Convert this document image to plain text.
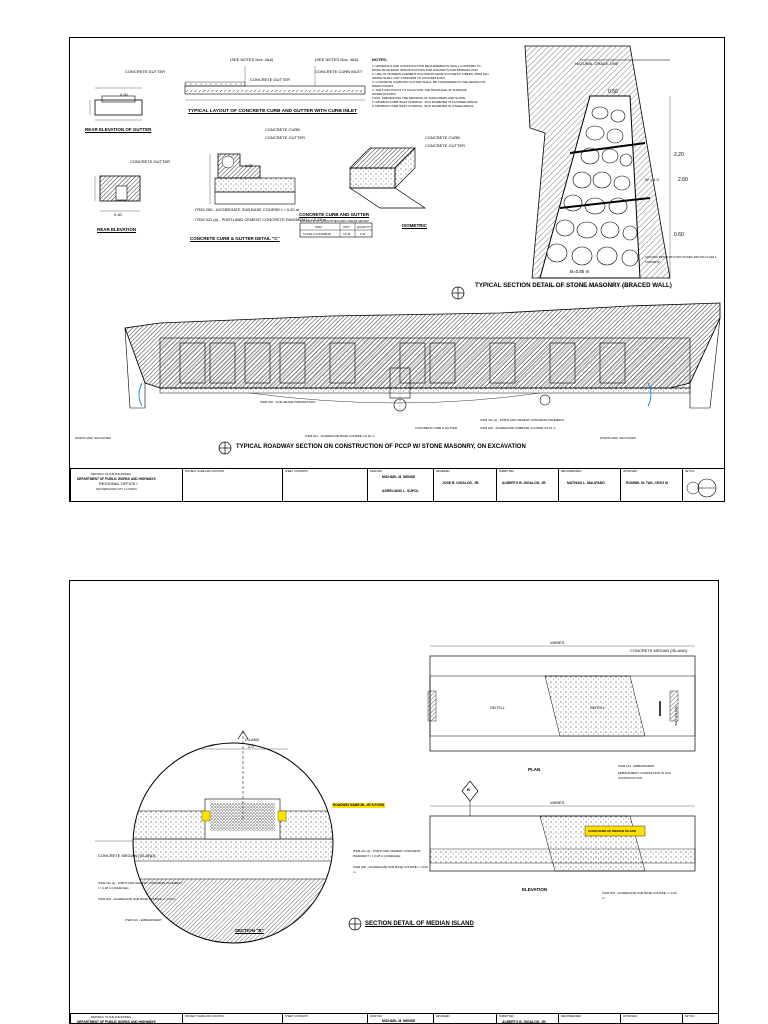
CONCRETE GUTTER
0.50
REAR ELEVATION OF GUTTER
CONCRETE GUTTER
0.40
REAR ELEVATION
(SEE NOTES Nos. 4&6)	(SEE NOTES Nos. 4&6)
CONCRETE CURB INLET
CONCRETE GUTTER
TYPICAL LAYOUT OF CONCRETE CURB AND GUTTER WITH CURB INLET
CONCRETE CURB
CONCRETE GUTTER
0.25
ITEM 200 - AGGREGATE SUB BASE COURSE t = 0.20 m
ITEM 311 (a) - PORTLAND CEMENT CONCRETE PAVEMENT t = 0.28 m
CONCRETE CURB & GUTTER DETAIL "C"
CONCRETE CURB
CONCRETE GUTTER
ISOMETRIC
CONCRETE CURB AND GUTTER
ESTIMATE OF QUANTITIES PER LINEAR METER
ITEM	UNIT	QUANTITY
CLASS A CONCRETE	CU.M.	0.11
NOTES:
1. MATERIALS AND CONSTRUCTION REQUIREMENTS SHALL CONFORM TO
DPWH BLUE BOOK SPECIFICATIONS FOR HIGHWAYS AND BRIDGES 2013.
2. USE OF NONREPLACEMENT POLYPROPYLENE SYNTHETIC FIBERS (ITEM 311),
WATER SHALL NOT CONFORM TO CONCRETE MIX.
3. CONCRETE CURB AND GUTTER SHALL BE CONSIDERED IN THE DESIGN OF
PAVED ROADS.
4. THE FUNCTION IS TO FACILITATE THE DRAINAGE OF SURFACE
WATER RUNOFF.
THUS, PREVENTING THE EROSION OF SHOULDERS AND SLOPE.
5. MINIMUM CURB INLET INTERVAL: 15 M DIAMETER IN FLOODED AREAS.
6. MINIMUM CURB INLET INTERVAL: 50 M DIAMETER IN OTHER AREAS.
NATURAL GRADE LINE
0.50
2.20
2.60
W = 1.0
0.60
B=0.85 m
GROUTED RIPRAP WITH 60% STONES AND 40% CLASS A CONCRETE
TYPICAL SECTION DETAIL OF STONE MASONRY (BRACED WALL)
(PORTLAND) SHOULDER	(PORTLAND) SHOULDER
ITEM 200 - SUB-GRADE PREPARATION
ITEM 201 - AGGREGATE BASE COURSE t=0.20 m
ITEM 311 (a) - PORTLAND CEMENT CONCRETE PAVEMENT
ITEM 200 - AGGREGATE SUBBASE COURSE t=0.15 m
CONCRETE CURB & GUTTER
TYPICAL ROADWAY SECTION ON CONSTRUCTION OF PCCP W/ STONE MASONRY, ON EXCAVATION
REPUBLIC OF THE PHILIPPINES
DEPARTMENT OF PUBLIC WORKS AND HIGHWAYS
REGIONAL OFFICE I
SAN FERNANDO CITY, LA UNION
PROJECT NAME AND LOCATION:	SHEET CONTENTS:	DRAFTED:
MICHAEL M. MENDE
ADRELIANO L. SUPOL
REVIEWED:
JOSE B. DIGALOD, JR.
SUBMITTED:
ALBERTO B. DIGALOD, JR.
RECOMMENDED:
MATHIAS L. MALIPANO
APPROVED:
RONNEL M. TAN, CESO III
SET NO.
ISLAND
2.0
ROADWAY NAME ML. W/ S.P.2000
CONCRETE MEDIAN (ISLAND)
ITEM 311 (a) - PORTLAND CEMENT CONCRETE PAVEMENT t = 0.28 m (AVERAGE)
ITEM 200 - AGGREGATE SUB BASE COURSE t = 0.20 m
ITEM 311 (a) - PORTLAND CEMENT CONCRETE PAVEMENT t = 0.28 m (AVERAGE)
ITEM 200 - AGGREGATE SUB BASE COURSE t = 0.20 m
ITEM 104 - EMBANKMENT
SECTION "B"
VARIES
CONCRETE MEDIAN (ISLAND)
GB FILL	GB FILL	CENTER LINE
PLAN
ITEM 104 - EMBANKMENT
EMBANKMENT COMPACTION IN PCS CONSTRUCTION
B
VARIES
CURB NAME OF MEDIAN ISLAND
ELEVATION
ITEM 200 - AGGREGATE SUB BASE COURSE t = 0.20 m
SECTION DETAIL OF MEDIAN ISLAND
REPUBLIC OF THE PHILIPPINES
DEPARTMENT OF PUBLIC WORKS AND HIGHWAYS
PROJECT NAME AND LOCATION:	SHEET CONTENTS:	DRAFTED:
MICHAEL M. MENDE
REVIEWED:	SUBMITTED:
ALBERTO B. DIGALOD, JR.
RECOMMENDED:	APPROVED:	SET NO.
